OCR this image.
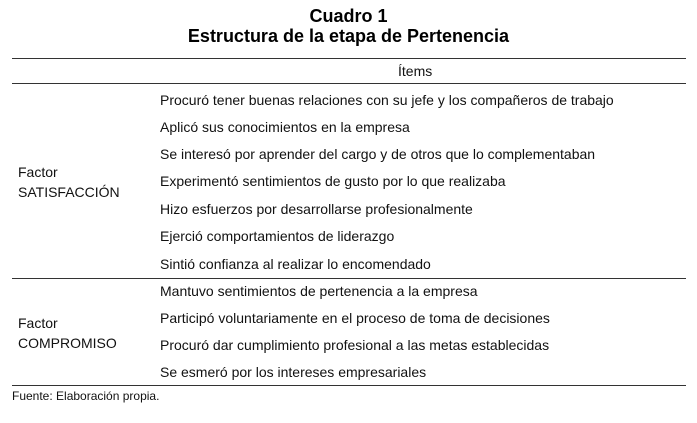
Cuadro 1
Estructura de la etapa de Pertenencia
Ítems
Factor
SATISFACCIÓN
Procuró tener buenas relaciones con su jefe y los compañeros de trabajo
Aplicó sus conocimientos en la empresa
Se interesó por aprender del cargo y de otros que lo complementaban
Experimentó sentimientos de gusto por lo que realizaba
Hizo esfuerzos por desarrollarse profesionalmente
Ejerció comportamientos de liderazgo
Sintió confianza al realizar lo encomendado
Factor
COMPROMISO
Mantuvo sentimientos de pertenencia a la empresa
Participó voluntariamente en el proceso de toma de decisiones
Procuró dar cumplimiento profesional a las metas establecidas
Se esmeró por los intereses empresariales
Fuente: Elaboración propia.
